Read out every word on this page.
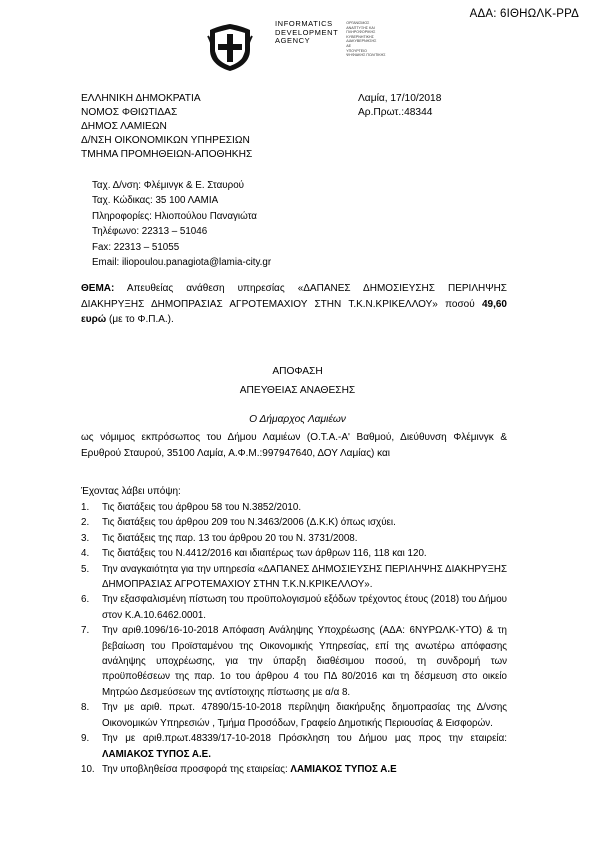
ΑΔΑ: 6ΙΘΗΩΛΚ-ΡΡΔ
INFORMATICS
DEVELOPMENT
AGENCY
ΟΡΓΑΝΙΣΜΟΣ
ΑΝΑΠΤΥΞΗΣ ΚΑΙ
ΠΛΗΡΟΦΟΡΙΚΗΣ
ΚΥΒΕΡΝΗΤΙΚΗΣ
ΔΙΑΚΥΒΕΡΝΗΣΗΣ
ΑΕ
ΥΠΟΥΡΓΕΙΟ
ΨΗΦΙΑΚΗΣ ΠΟΛΙΤΙΚΗΣ
ΕΛΛΗΝΙΚΗ ΔΗΜΟΚΡΑΤΙΑ
ΝΟΜΟΣ ΦΘΙΩΤΙΔΑΣ
ΔΗΜΟΣ ΛΑΜΙΕΩΝ
Δ/ΝΣΗ ΟΙΚΟΝΟΜΙΚΩΝ ΥΠΗΡΕΣΙΩΝ
ΤΜΗΜΑ ΠΡΟΜΗΘΕΙΩΝ-ΑΠΟΘΗΚΗΣ
Λαμία, 17/10/2018
Αρ.Πρωτ.:48344
Ταχ. Δ/νση: Φλέμινγκ & Ε. Σταυρού
Ταχ. Κώδικας: 35 100 ΛΑΜΙΑ
Πληροφορίες: Ηλιοπούλου Παναγιώτα
Τηλέφωνο: 22313 – 51046
Fax: 22313 – 51055
Email: iliopoulou.panagiota@lamia-city.gr
ΘΕΜΑ: Απευθείας ανάθεση υπηρεσίας «ΔΑΠΑΝΕΣ ΔΗΜΟΣΙΕΥΣΗΣ ΠΕΡΙΛΗΨΗΣ ΔΙΑΚΗΡΥΞΗΣ ΔΗΜΟΠΡΑΣΙΑΣ ΑΓΡΟΤΕΜΑΧΙΟΥ ΣΤΗΝ Τ.Κ.Ν.ΚΡΙΚΕΛΛΟΥ» ποσού 49,60 ευρώ (με το Φ.Π.Α.).
ΑΠΟΦΑΣΗ
ΑΠΕΥΘΕΙΑΣ ΑΝΑΘΕΣΗΣ
Ο Δήμαρχος Λαμιέων
ως νόμιμος εκπρόσωπος του Δήμου Λαμιέων (Ο.Τ.Α.-Α' Βαθμού, Διεύθυνση Φλέμινγκ & Ερυθρού Σταυρού, 35100 Λαμία, Α.Φ.Μ.:997947640, ΔΟΥ Λαμίας) και
Έχοντας λάβει υπόψη:
1.	Τις διατάξεις του άρθρου 58 του Ν.3852/2010.
2.	Τις διατάξεις του άρθρου 209 του Ν.3463/2006 (Δ.Κ.Κ) όπως ισχύει.
3.	Τις διατάξεις της παρ. 13 του άρθρου 20 του Ν. 3731/2008.
4.	Τις διατάξεις του Ν.4412/2016 και ιδιαιτέρως των άρθρων 116, 118 και 120.
5.	Την αναγκαιότητα για την υπηρεσία «ΔΑΠΑΝΕΣ ΔΗΜΟΣΙΕΥΣΗΣ ΠΕΡΙΛΗΨΗΣ ΔΙΑΚΗΡΥΞΗΣ ΔΗΜΟΠΡΑΣΙΑΣ ΑΓΡΟΤΕΜΑΧΙΟΥ ΣΤΗΝ Τ.Κ.Ν.ΚΡΙΚΕΛΛΟΥ».
6.	Την εξασφαλισμένη πίστωση του προϋπολογισμού εξόδων τρέχοντος έτους (2018) του Δήμου στον Κ.Α.10.6462.0001.
7.	Την αριθ.1096/16-10-2018 Απόφαση Ανάληψης Υποχρέωσης (ΑΔΑ: 6ΝΥΡΩΛΚ-ΥΤΟ) & τη βεβαίωση του Προϊσταμένου της Οικονομικής Υπηρεσίας, επί της ανωτέρω απόφασης ανάληψης υποχρέωσης, για την ύπαρξη διαθέσιμου ποσού, τη συνδρομή των προϋποθέσεων της παρ. 1ο του άρθρου 4 του ΠΔ 80/2016 και τη δέσμευση στο οικείο Μητρώο Δεσμεύσεων της αντίστοιχης πίστωσης με α/α 8.
8.	Την με αριθ. πρωτ. 47890/15-10-2018 περίληψη διακήρυξης δημοπρασίας της Δ/νσης Οικονομικών Υπηρεσιών , Τμήμα Προσόδων, Γραφείο Δημοτικής Περιουσίας & Εισφορών.
9.	Την με αριθ.πρωτ.48339/17-10-2018 Πρόσκληση του Δήμου μας προς την εταιρεία: ΛΑΜΙΑΚΟΣ ΤΥΠΟΣ Α.Ε.
10. Την υποβληθείσα προσφορά της εταιρείας: ΛΑΜΙΑΚΟΣ ΤΥΠΟΣ Α.Ε
